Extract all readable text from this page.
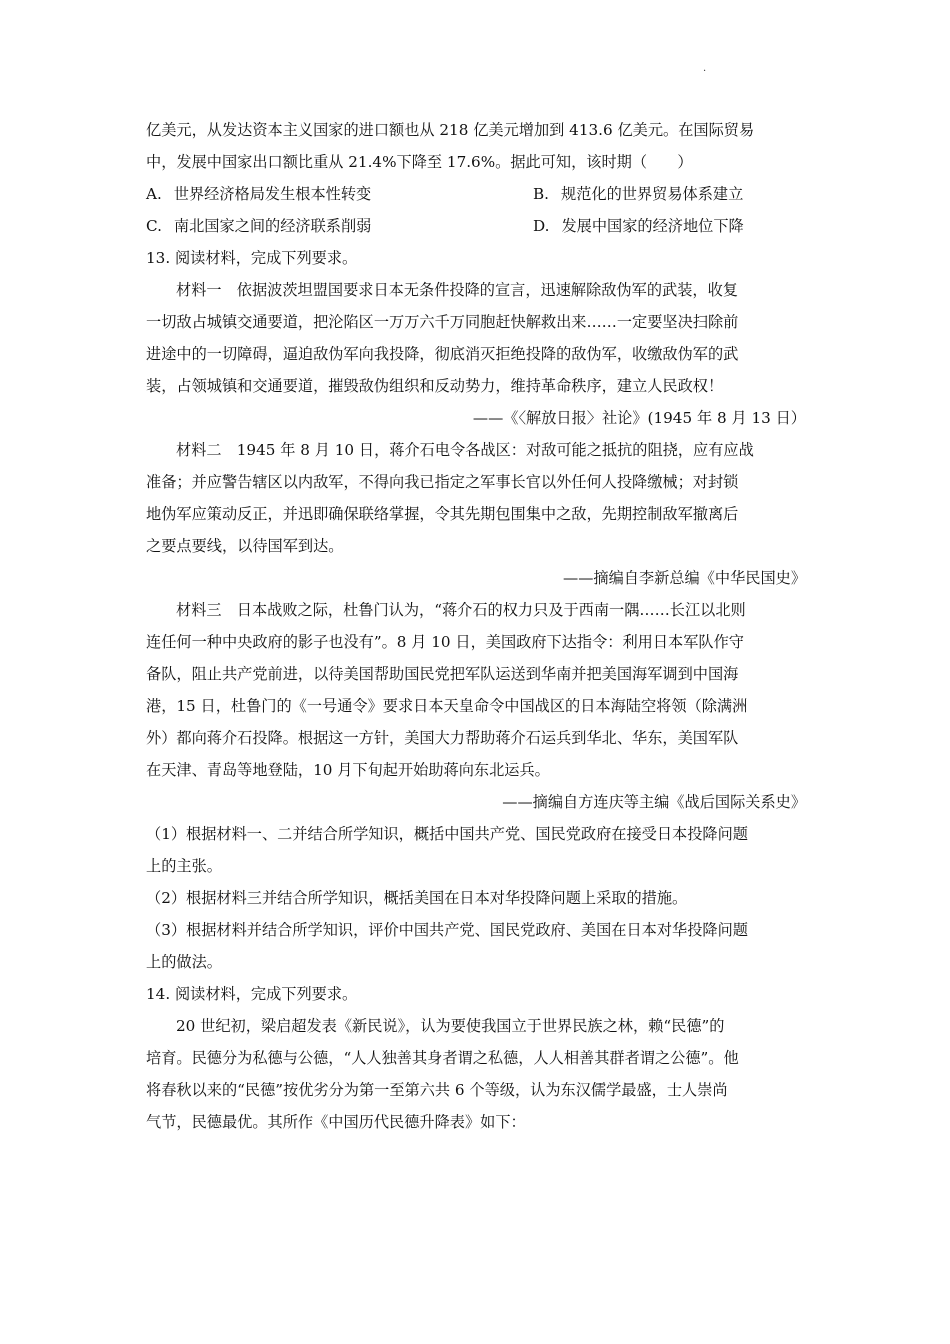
.
亿美元，从发达资本主义国家的进口额也从 218 亿美元增加到 413.6 亿美元。在国际贸易
中，发展中国家出口额比重从 21.4%下降至 17.6%。据此可知，该时期（　　）
A. 世界经济格局发生根本性转变	B. 规范化的世界贸易体系建立
C. 南北国家之间的经济联系削弱	D. 发展中国家的经济地位下降
13. 阅读材料，完成下列要求。
材料一　依据波茨坦盟国要求日本无条件投降的宣言，迅速解除敌伪军的武装，收复
一切敌占城镇交通要道，把沦陷区一万万六千万同胞赶快解救出来……一定要坚决扫除前
进途中的一切障碍，逼迫敌伪军向我投降，彻底消灭拒绝投降的敌伪军，收缴敌伪军的武
装，占领城镇和交通要道，摧毁敌伪组织和反动势力，维持革命秩序，建立人民政权！
——《〈解放日报〉社论》(1945 年 8 月 13 日）
材料二　1945 年 8 月 10 日，蒋介石电令各战区：对敌可能之抵抗的阻挠，应有应战
准备；并应警告辖区以内敌军，不得向我已指定之军事长官以外任何人投降缴械；对封锁
地伪军应策动反正，并迅即确保联络掌握，令其先期包围集中之敌，先期控制敌军撤离后
之要点要线，以待国军到达。
——摘编自李新总编《中华民国史》
材料三　日本战败之际，杜鲁门认为，“蒋介石的权力只及于西南一隅……长江以北则
连任何一种中央政府的影子也没有”。8 月 10 日，美国政府下达指令：利用日本军队作守
备队，阻止共产党前进，以待美国帮助国民党把军队运送到华南并把美国海军调到中国海
港，15 日，杜鲁门的《一号通令》要求日本天皇命令中国战区的日本海陆空将领（除满洲
外）都向蒋介石投降。根据这一方针，美国大力帮助蒋介石运兵到华北、华东，美国军队
在天津、青岛等地登陆，10 月下旬起开始助蒋向东北运兵。
——摘编自方连庆等主编《战后国际关系史》
（1）根据材料一、二并结合所学知识，概括中国共产党、国民党政府在接受日本投降问题
上的主张。
（2）根据材料三并结合所学知识，概括美国在日本对华投降问题上采取的措施。
（3）根据材料并结合所学知识，评价中国共产党、国民党政府、美国在日本对华投降问题
上的做法。
14. 阅读材料，完成下列要求。
20 世纪初，梁启超发表《新民说》，认为要使我国立于世界民族之林，赖“民德”的
培育。民德分为私德与公德，“人人独善其身者谓之私德，人人相善其群者谓之公德”。他
将春秋以来的“民德”按优劣分为第一至第六共 6 个等级，认为东汉儒学最盛，士人崇尚
气节，民德最优。其所作《中国历代民德升降表》如下：
